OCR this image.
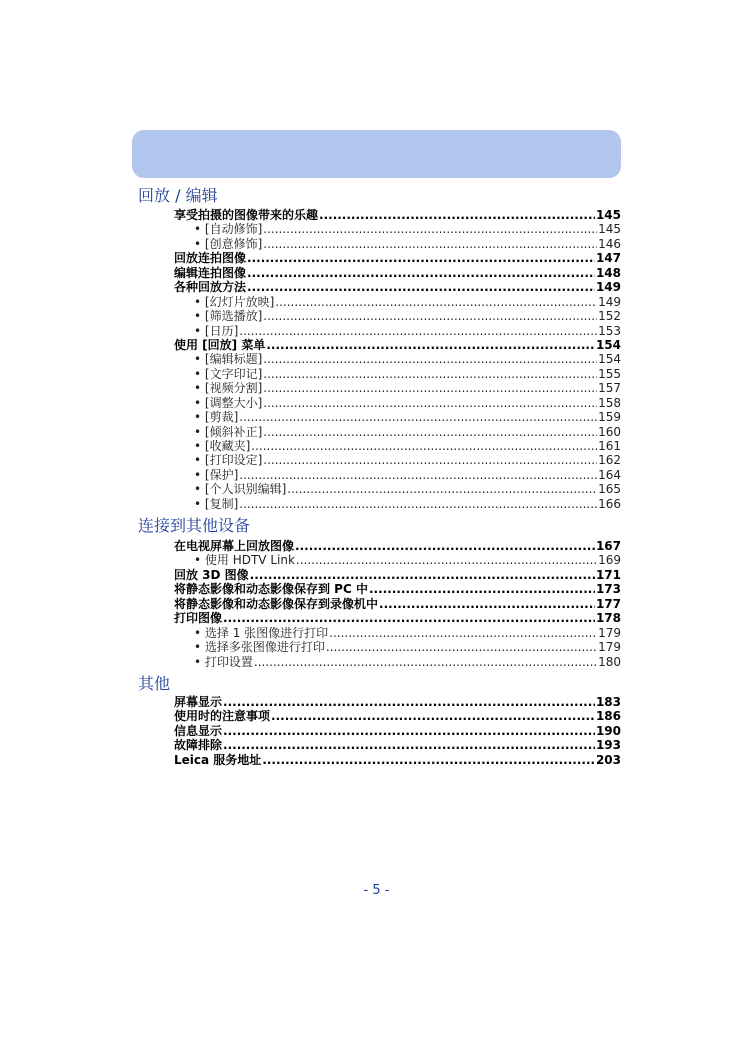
回放 / 编辑
享受拍摄的图像带来的乐趣 .....	145
• [自动修饰] .....	145
• [创意修饰] .....	146
回放连拍图像 .....	147
编辑连拍图像 .....	148
各种回放方法 .....	149
• [幻灯片放映] .....	149
• [筛选播放] .....	152
• [日历] .....	153
使用 [回放] 菜单 .....	154
• [编辑标题] .....	154
• [文字印记] .....	155
• [视频分割] .....	157
• [调整大小] .....	158
• [剪裁] .....	159
• [倾斜补正] .....	160
• [收藏夹] .....	161
• [打印设定] .....	162
• [保护] .....	164
• [个人识别编辑] .....	165
• [复制] .....	166
连接到其他设备
在电视屏幕上回放图像 .....	167
• 使用 HDTV Link .....	169
回放 3D 图像 .....	171
将静态影像和动态影像保存到 PC 中 .....	173
将静态影像和动态影像保存到录像机中 .....	177
打印图像 .....	178
• 选择 1 张图像进行打印 .....	179
• 选择多张图像进行打印 .....	179
• 打印设置 .....	180
其他
屏幕显示 .....	183
使用时的注意事项 .....	186
信息显示 .....	190
故障排除 .....	193
Leica 服务地址 .....	203
- 5 -
